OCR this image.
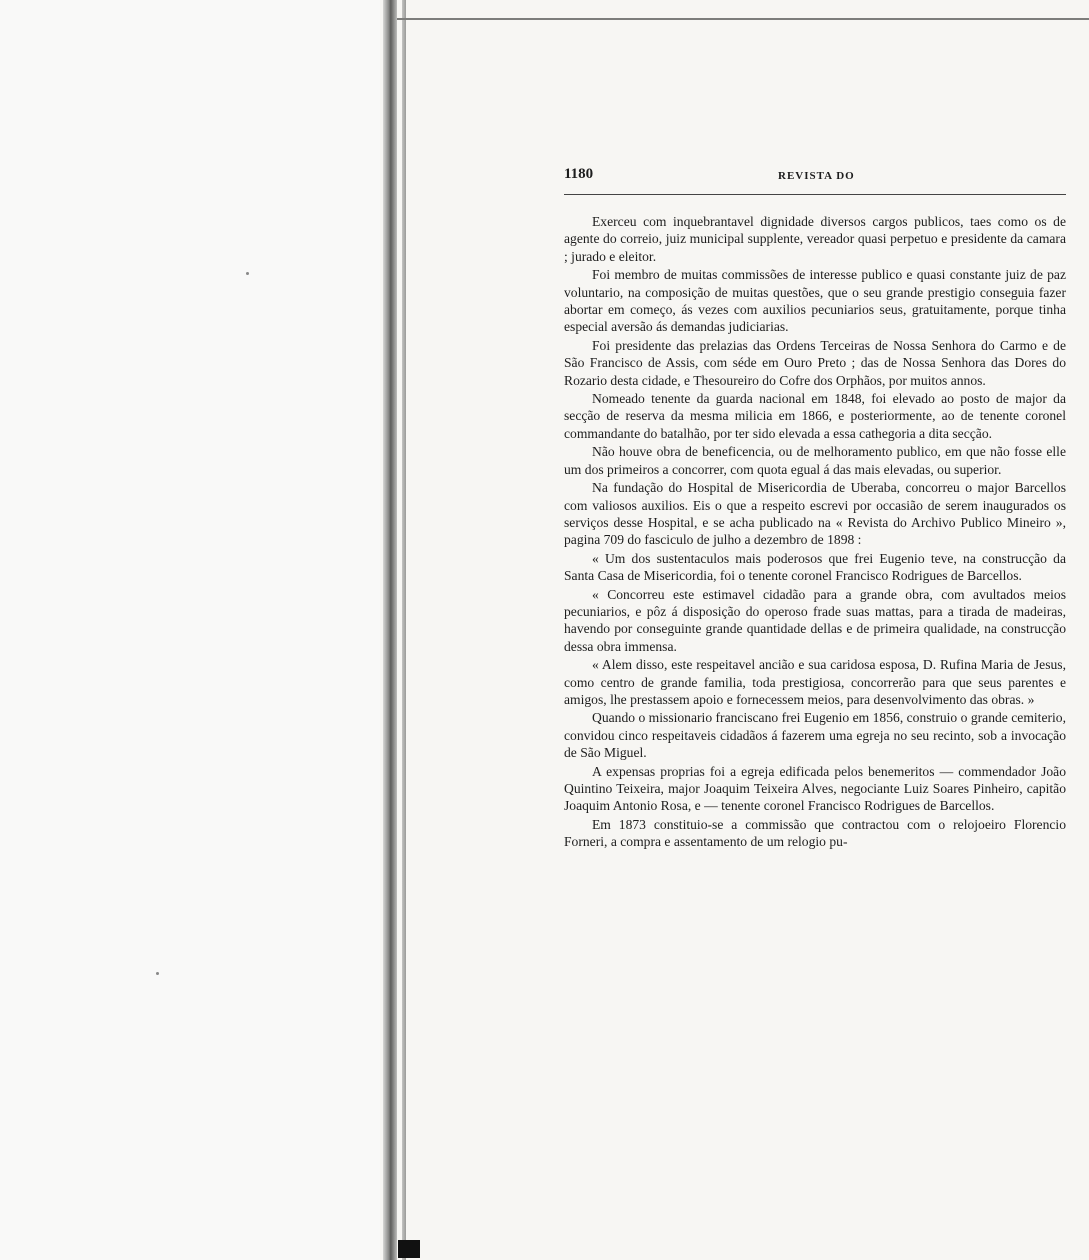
1180	REVISTA DO

Exerceu com inquebrantavel dignidade diversos cargos publicos, taes como os de agente do correio, juiz municipal supplente, vereador quasi perpetuo e presidente da camara ; jurado e eleitor.

Foi membro de muitas commissões de interesse publico e quasi constante juiz de paz voluntario, na composição de muitas questões, que o seu grande prestigio conseguia fazer abortar em começo, ás vezes com auxilios pecuniarios seus, gratuitamente, porque tinha especial aversão ás demandas judiciarias.

Foi presidente das prelazias das Ordens Terceiras de Nossa Senhora do Carmo e de São Francisco de Assis, com séde em Ouro Preto ; das de Nossa Senhora das Dores do Rozario desta cidade, e Thesoureiro do Cofre dos Orphãos, por muitos annos.

Nomeado tenente da guarda nacional em 1848, foi elevado ao posto de major da secção de reserva da mesma milicia em 1866, e posteriormente, ao de tenente coronel commandante do batalhão, por ter sido elevada a essa cathegoria a dita secção.

Não houve obra de beneficencia, ou de melhoramento publico, em que não fosse elle um dos primeiros a concorrer, com quota egual á das mais elevadas, ou superior.

Na fundação do Hospital de Misericordia de Uberaba, concorreu o major Barcellos com valiosos auxilios. Eis o que a respeito escrevi por occasião de serem inaugurados os serviços desse Hospital, e se acha publicado na « Revista do Archivo Publico Mineiro », pagina 709 do fasciculo de julho a dezembro de 1898 :

« Um dos sustentaculos mais poderosos que frei Eugenio teve, na construcção da Santa Casa de Misericordia, foi o tenente coronel Francisco Rodrigues de Barcellos.

« Concorreu este estimavel cidadão para a grande obra, com avultados meios pecuniarios, e pôz á disposição do operoso frade suas mattas, para a tirada de madeiras, havendo por conseguinte grande quantidade dellas e de primeira qualidade, na construcção dessa obra immensa.

« Alem disso, este respeitavel ancião e sua caridosa esposa, D. Rufina Maria de Jesus, como centro de grande familia, toda prestigiosa, concorrerão para que seus parentes e amigos, lhe prestassem apoio e fornecessem meios, para desenvolvimento das obras. »

Quando o missionario franciscano frei Eugenio em 1856, construio o grande cemiterio, convidou cinco respeitaveis cidadãos á fazerem uma egreja no seu recinto, sob a invocação de São Miguel.

A expensas proprias foi a egreja edificada pelos benemeritos — commendador João Quintino Teixeira, major Joaquim Teixeira Alves, negociante Luiz Soares Pinheiro, capitão Joaquim Antonio Rosa, e — tenente coronel Francisco Rodrigues de Barcellos.

Em 1873 constituio-se a commissão que contractou com o relojoeiro Florencio Forneri, a compra e assentamento de um relogio pu-
